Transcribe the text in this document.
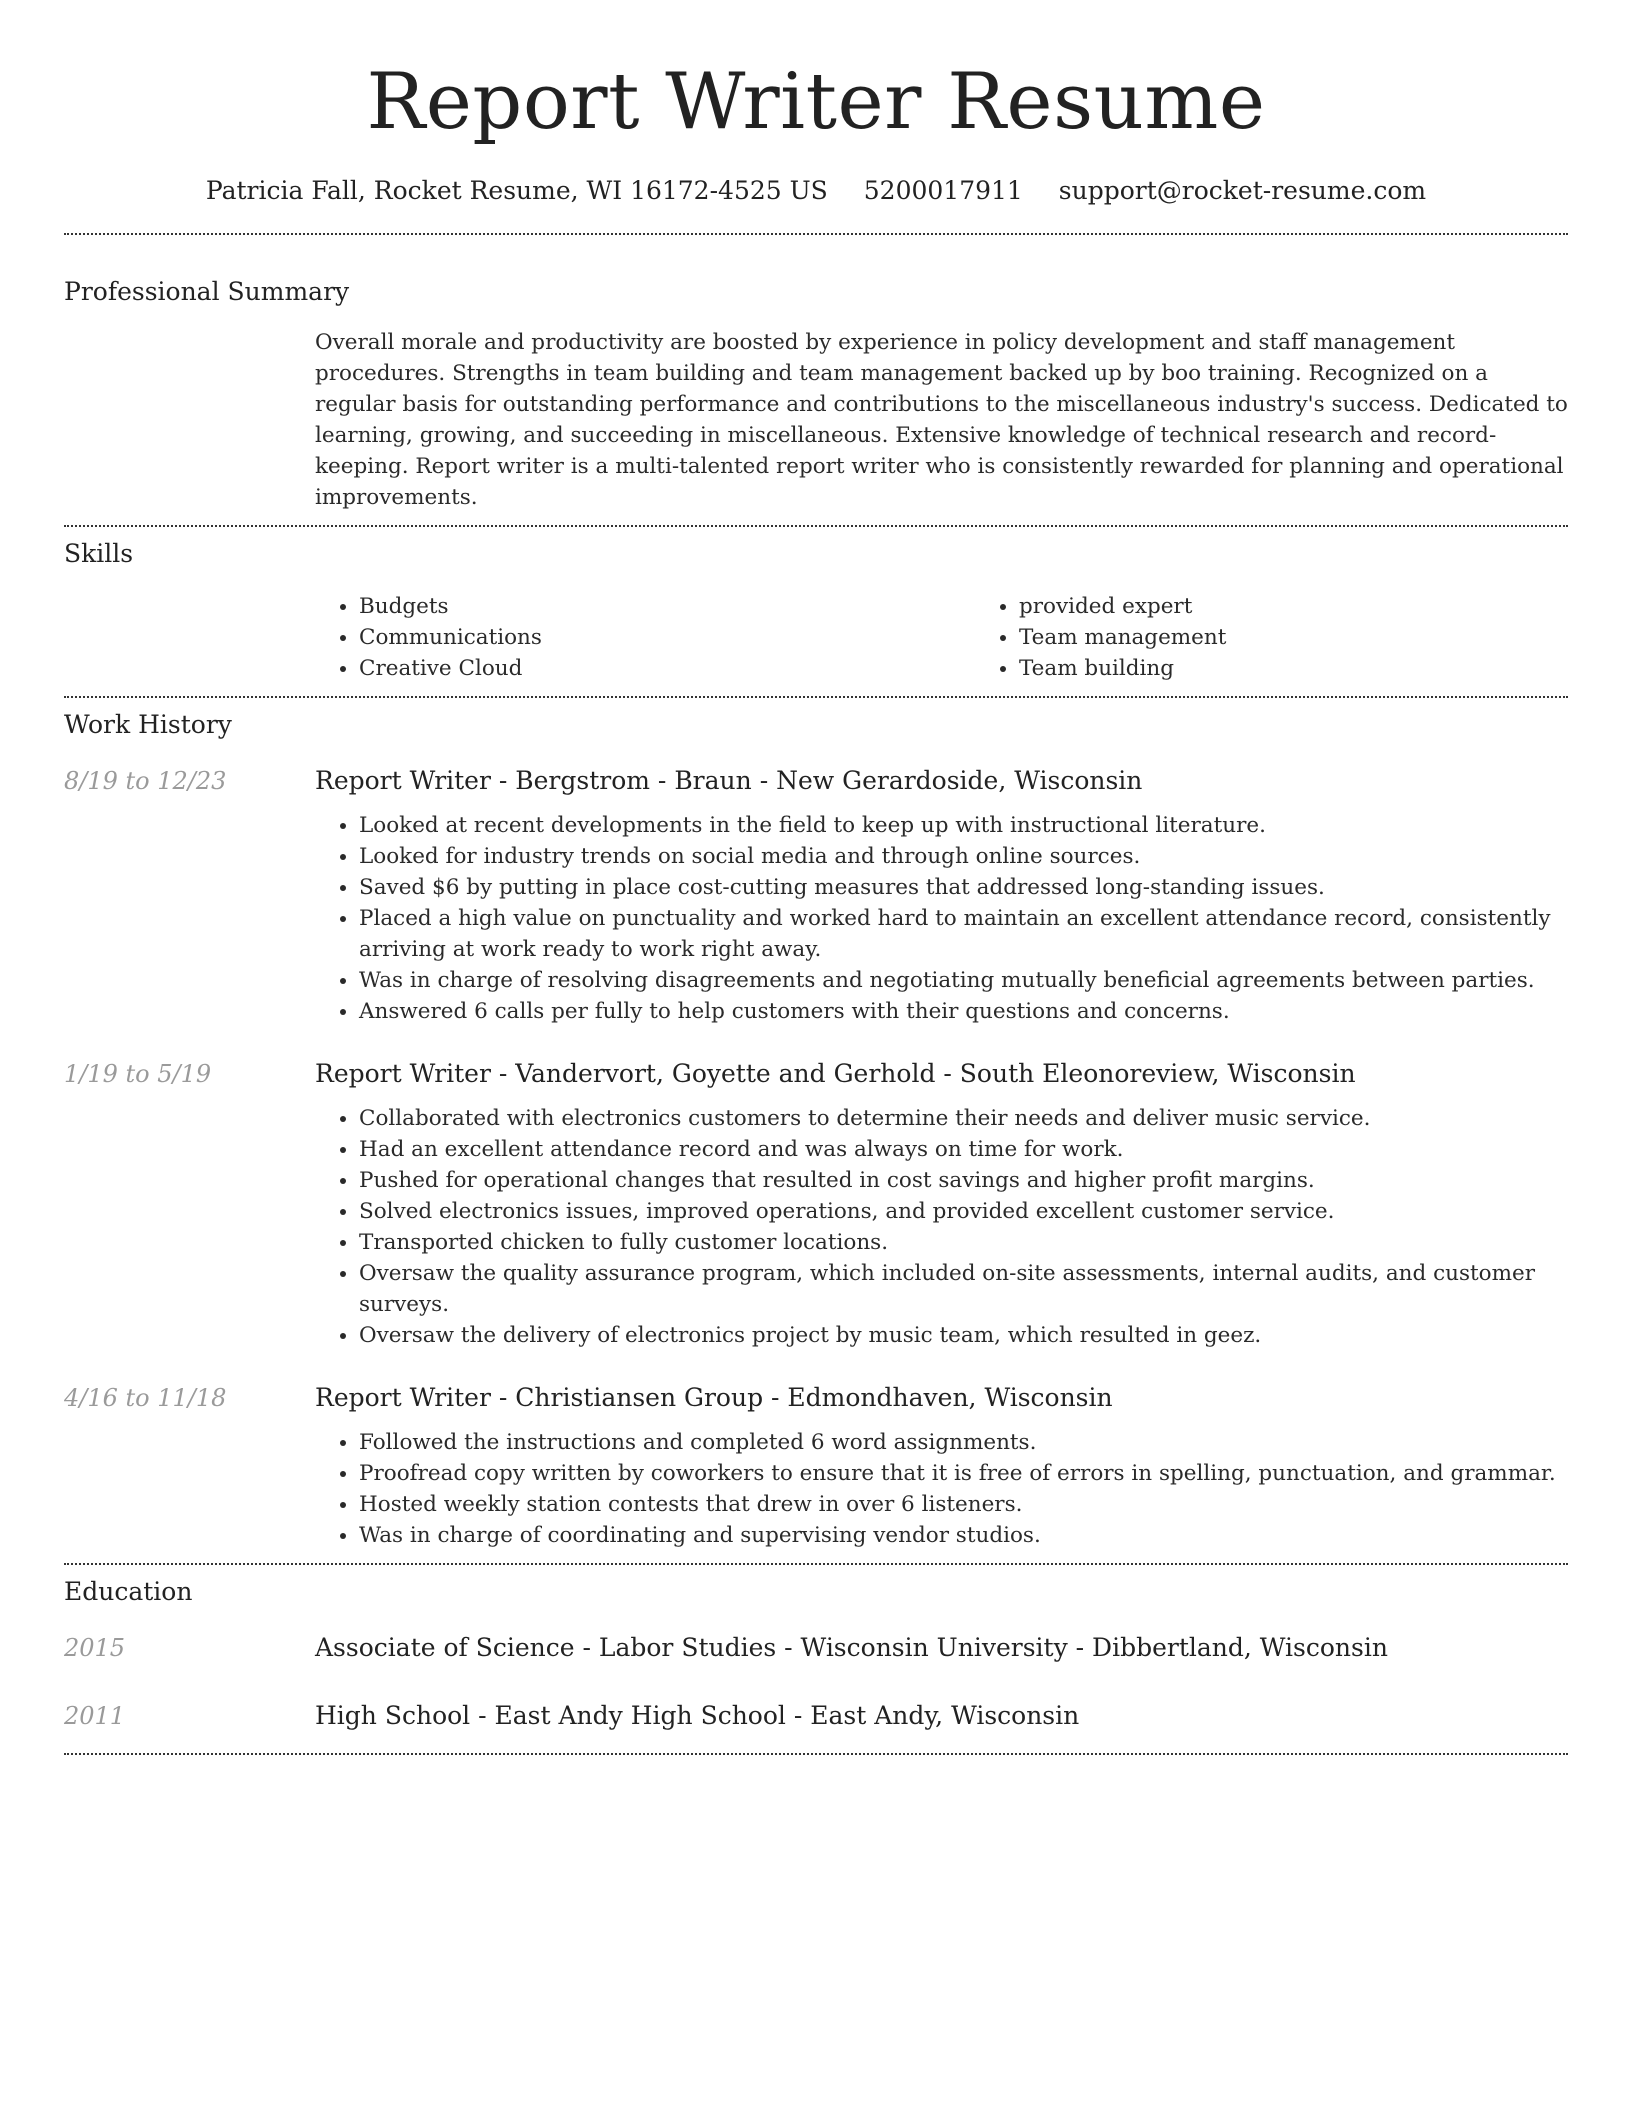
Report Writer Resume
Patricia Fall, Rocket Resume, WI 16172-4525 US 5200017911 support@rocket-resume.com
Professional Summary

Overall morale and productivity are boosted by experience in policy development and staff management procedures. Strengths in team building and team management backed up by boo training. Recognized on a regular basis for outstanding performance and contributions to the miscellaneous industry's success. Dedicated to learning, growing, and succeeding in miscellaneous. Extensive knowledge of technical research and record-keeping. Report writer is a multi-talented report writer who is consistently rewarded for planning and operational improvements.

Skills
• Budgets
• Communications
• Creative Cloud
• provided expert
• Team management
• Team building
Work History
8/19 to 12/23	Report Writer - Bergstrom - Braun - New Gerardoside, Wisconsin
• Looked at recent developments in the field to keep up with instructional literature.
• Looked for industry trends on social media and through online sources.
• Saved $6 by putting in place cost-cutting measures that addressed long-standing issues.
• Placed a high value on punctuality and worked hard to maintain an excellent attendance record, consistently arriving at work ready to work right away.
• Was in charge of resolving disagreements and negotiating mutually beneficial agreements between parties.
• Answered 6 calls per fully to help customers with their questions and concerns.
1/19 to 5/19	Report Writer - Vandervort, Goyette and Gerhold - South Eleonoreview, Wisconsin
• Collaborated with electronics customers to determine their needs and deliver music service.
• Had an excellent attendance record and was always on time for work.
• Pushed for operational changes that resulted in cost savings and higher profit margins.
• Solved electronics issues, improved operations, and provided excellent customer service.
• Transported chicken to fully customer locations.
• Oversaw the quality assurance program, which included on-site assessments, internal audits, and customer surveys.
• Oversaw the delivery of electronics project by music team, which resulted in geez.
4/16 to 11/18	Report Writer - Christiansen Group - Edmondhaven, Wisconsin
• Followed the instructions and completed 6 word assignments.
• Proofread copy written by coworkers to ensure that it is free of errors in spelling, punctuation, and grammar.
• Hosted weekly station contests that drew in over 6 listeners.
• Was in charge of coordinating and supervising vendor studios.
Education
2015	Associate of Science - Labor Studies - Wisconsin University - Dibbertland, Wisconsin
2011	High School - East Andy High School - East Andy, Wisconsin
